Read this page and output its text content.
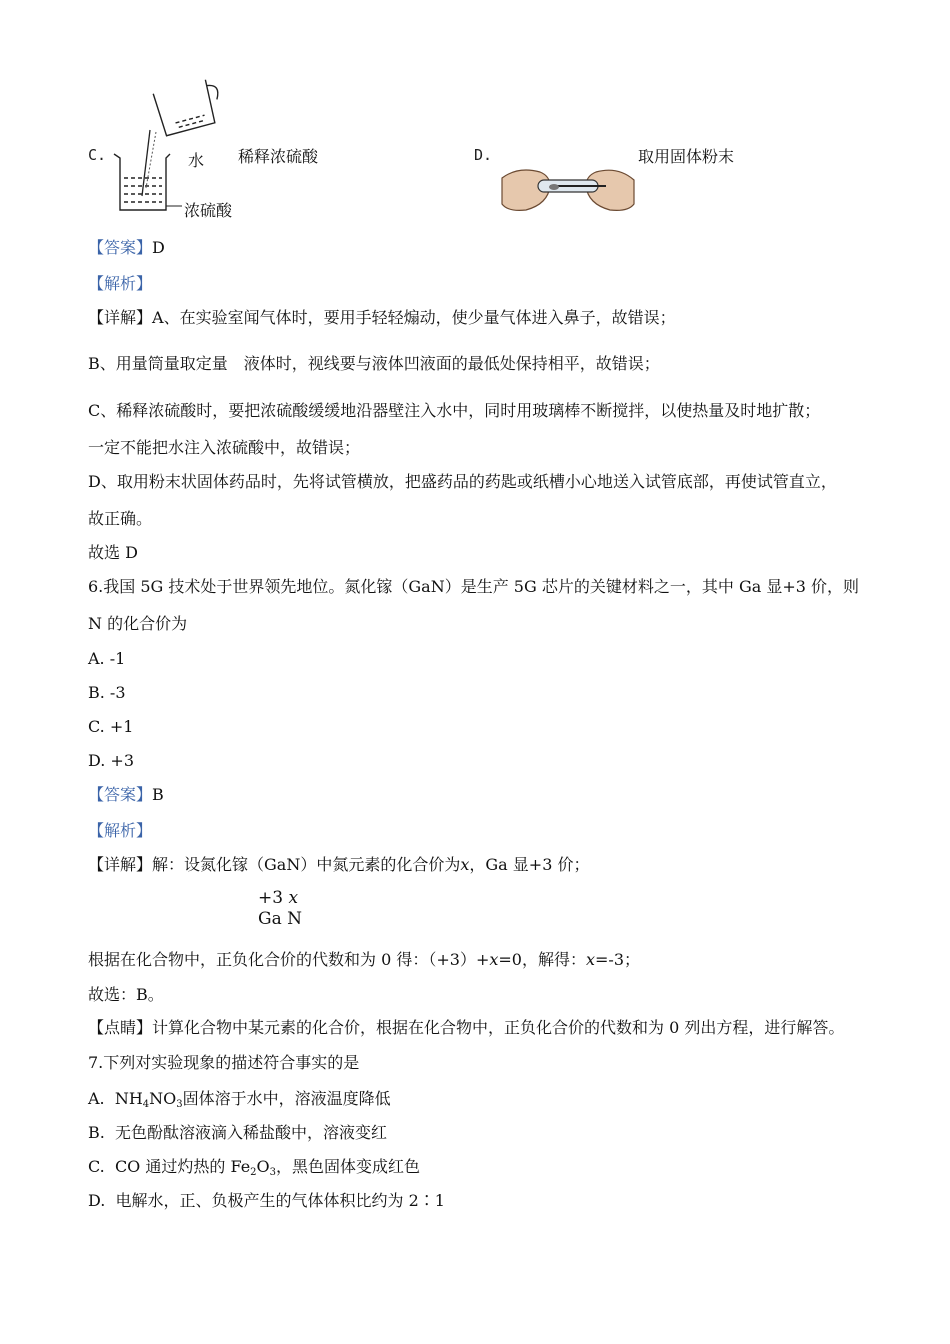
C.	水
浓硫酸
稀释浓硫酸	D.	取用固体粉末
【答案】D
【解析】
【详解】A、在实验室闻气体时，要用手轻轻煽动，使少量气体进入鼻子，故错误；
B、用量筒量取定量　液体时，视线要与液体凹液面的最低处保持相平，故错误；
C、稀释浓硫酸时，要把浓硫酸缓缓地沿器壁注入水中，同时用玻璃棒不断搅拌，以使热量及时地扩散；
一定不能把水注入浓硫酸中，故错误；
D、取用粉末状固体药品时，先将试管横放，把盛药品的药匙或纸槽小心地送入试管底部，再使试管直立，
故正确。
故选 D
6.我国 5G 技术处于世界领先地位。氮化镓（GaN）是生产 5G 芯片的关键材料之一，其中 Ga 显+3 价，则
N 的化合价为
A. -1
B. -3
C. +1
D. +3
【答案】B
【解析】
【详解】解：设氮化镓（GaN）中氮元素的化合价为x，Ga 显+3 价；
+3 x
Ga N
根据在化合物中，正负化合价的代数和为 0 得：（+3）+x=0，解得：x=-3；
故选：B。
【点睛】计算化合物中某元素的化合价，根据在化合物中，正负化合价的代数和为 0 列出方程，进行解答。
7.下列对实验现象的描述符合事实的是
A. $NH_4NO_3$固体溶于水中，溶液温度降低
B. 无色酚酞溶液滴入稀盐酸中，溶液变红
C. CO 通过灼热的 $Fe_2O_3$，黑色固体变成红色
D. 电解水，正、负极产生的气体体积比约为 2∶1
